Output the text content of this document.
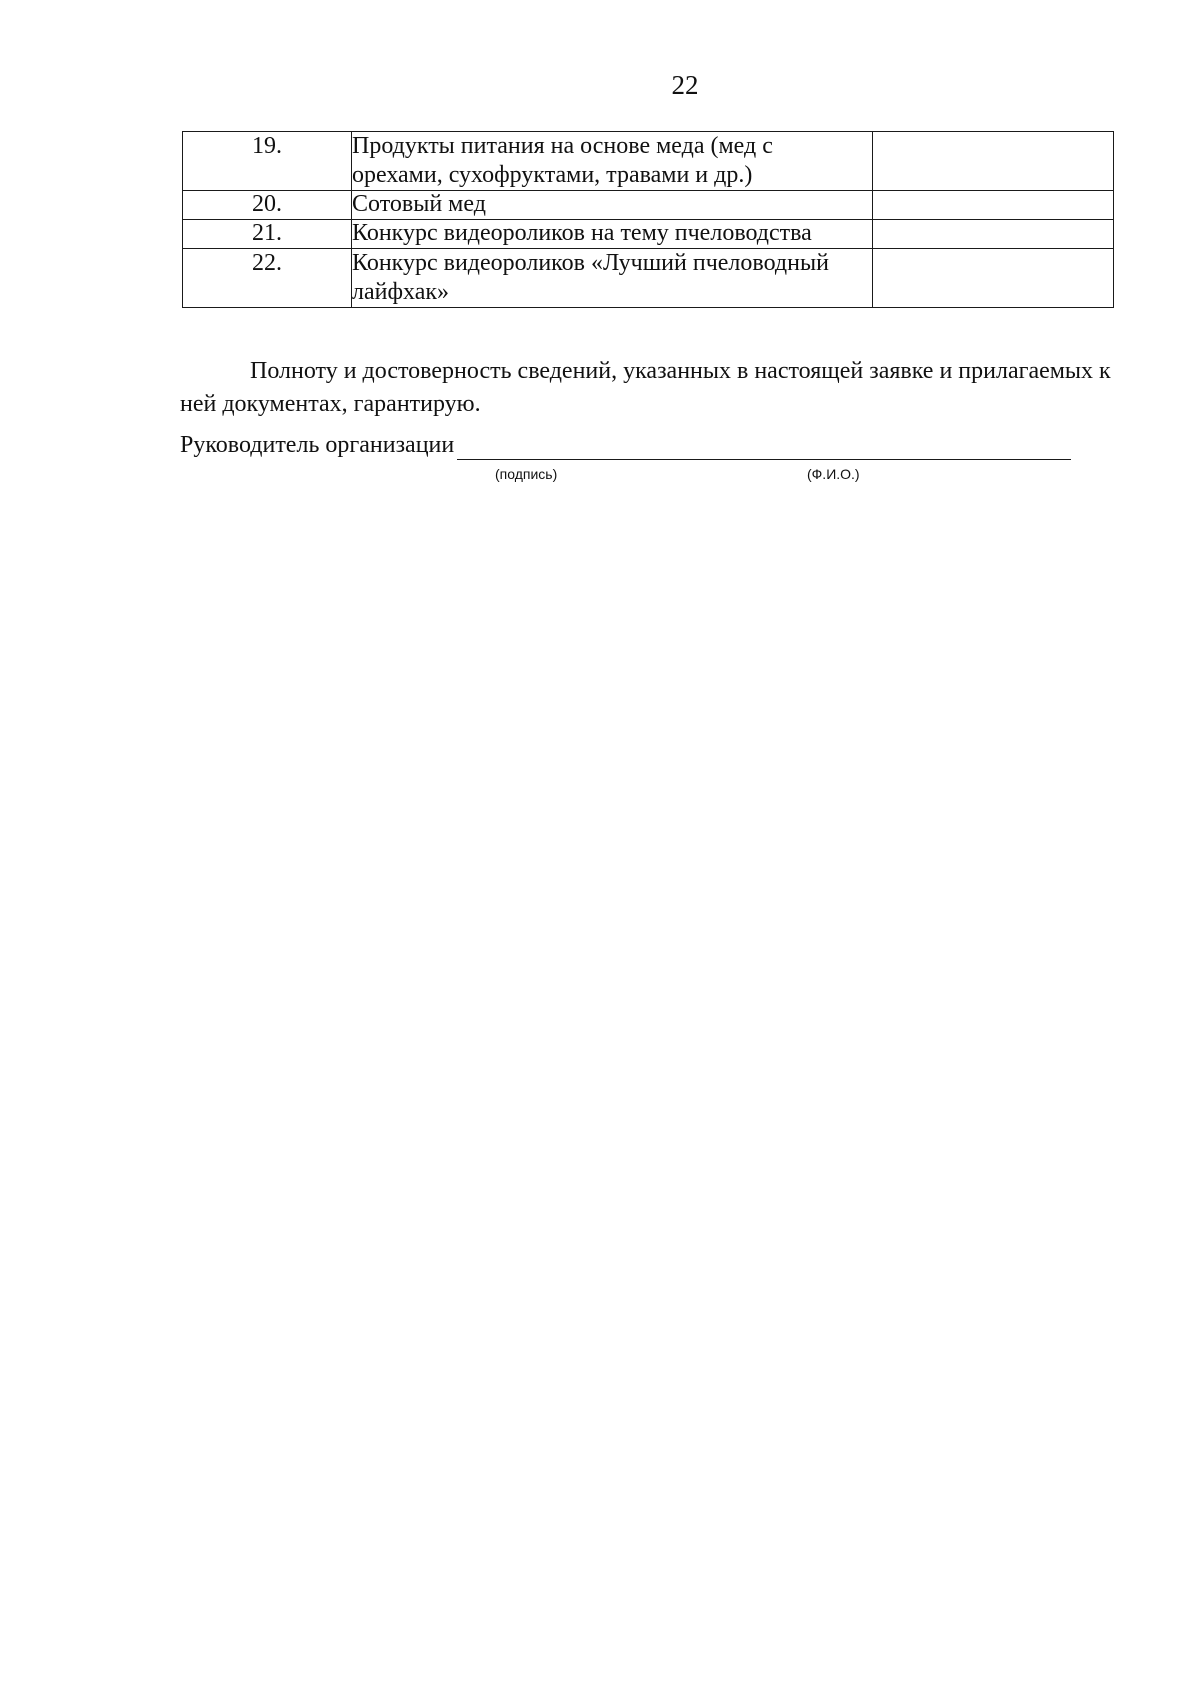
22
19.	Продукты питания на основе меда (мед с
орехами, сухофруктами, травами и др.)	

20.	Сотовый мед	

21.	Конкурс видеороликов на тему пчеловодства	

22.	Конкурс видеороликов «Лучший пчеловодный
лайфхак»	

Полноту и достоверность сведений, указанных в настоящей заявке и прилагаемых к ней документах, гарантирую.

Руководитель организации
(подпись)	(Ф.И.О.)
